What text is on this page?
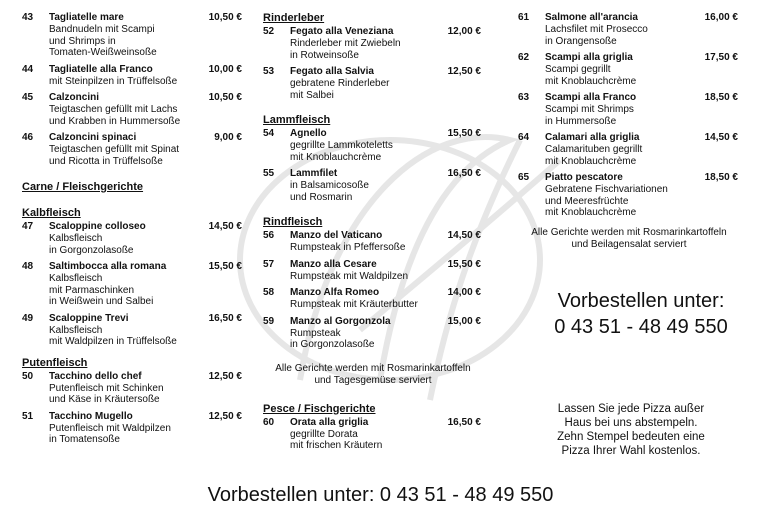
43 Tagliatelle mare	10,50 €
Bandnudeln mit Scampi
und Shrimps in
Tomaten-Weißweinsoße
44 Tagliatelle alla Franco	10,00 €
mit Steinpilzen in Trüffelsoße
45 Calzoncini	10,50 €
Teigtaschen gefüllt mit Lachs
und Krabben in Hummersoße
46 Calzoncini spinaci	9,00 €
Teigtaschen gefüllt mit Spinat
und Ricotta in Trüffelsoße
Carne / Fleischgerichte
Kalbfleisch
47 Scaloppine colloseo	14,50 €
Kalbsfleisch
in Gorgonzolasoße
48 Saltimbocca alla romana	15,50 €
Kalbsfleisch
mit Parmaschinken
in Weißwein und Salbei
49 Scaloppine Trevi	16,50 €
Kalbsfleisch
mit Waldpilzen in Trüffelsoße
Putenfleisch
50 Tacchino dello chef	12,50 €
Putenfleisch mit Schinken
und Käse in Kräutersoße
51 Tacchino Mugello	12,50 €
Putenfleisch mit Waldpilzen
in Tomatensoße
Rinderleber
52 Fegato alla Veneziana	12,00 €
Rinderleber mit Zwiebeln
in Rotweinsoße
53 Fegato alla Salvia	12,50 €
gebratene Rinderleber
mit Salbei
Lammfleisch
54 Agnello	15,50 €
gegrillte Lammkoteletts
mit Knoblauchcrème
55 Lammfilet	16,50 €
in Balsamicosoße
und Rosmarin
Rindfleisch
56 Manzo del Vaticano	14,50 €
Rumpsteak in Pfeffersoße
57 Manzo alla Cesare	15,50 €
Rumpsteak mit Waldpilzen
58 Manzo Alfa Romeo	14,00 €
Rumpsteak mit Kräuterbutter
59 Manzo al Gorgonzola	15,00 €
Rumpsteak
in Gorgonzolasoße
Alle Gerichte werden mit Rosmarinkartoffeln
und Tagesgemüse serviert
Pesce / Fischgerichte
60 Orata alla griglia	16,50 €
gegrillte Dorata
mit frischen Kräutern
61 Salmone all'arancia	16,00 €
Lachsfilet mit Prosecco
in Orangensoße
62 Scampi alla griglia	17,50 €
Scampi gegrillt
mit Knoblauchcrème
63 Scampi alla Franco	18,50 €
Scampi mit Shrimps
in Hummersoße
64 Calamari alla griglia	14,50 €
Calamarituben gegrillt
mit Knoblauchcrème
65 Piatto pescatore	18,50 €
Gebratene Fischvariationen
und Meeresfrüchte
mit Knoblauchcrème
Alle Gerichte werden mit Rosmarinkartoffeln
und Beilagensalat serviert
Vorbestellen unter:
0 43 51 - 48 49 550
Lassen Sie jede Pizza außer
Haus bei uns abstempeln.
Zehn Stempel bedeuten eine
Pizza Ihrer Wahl kostenlos.
Vorbestellen unter: 0 43 51 - 48 49 550
